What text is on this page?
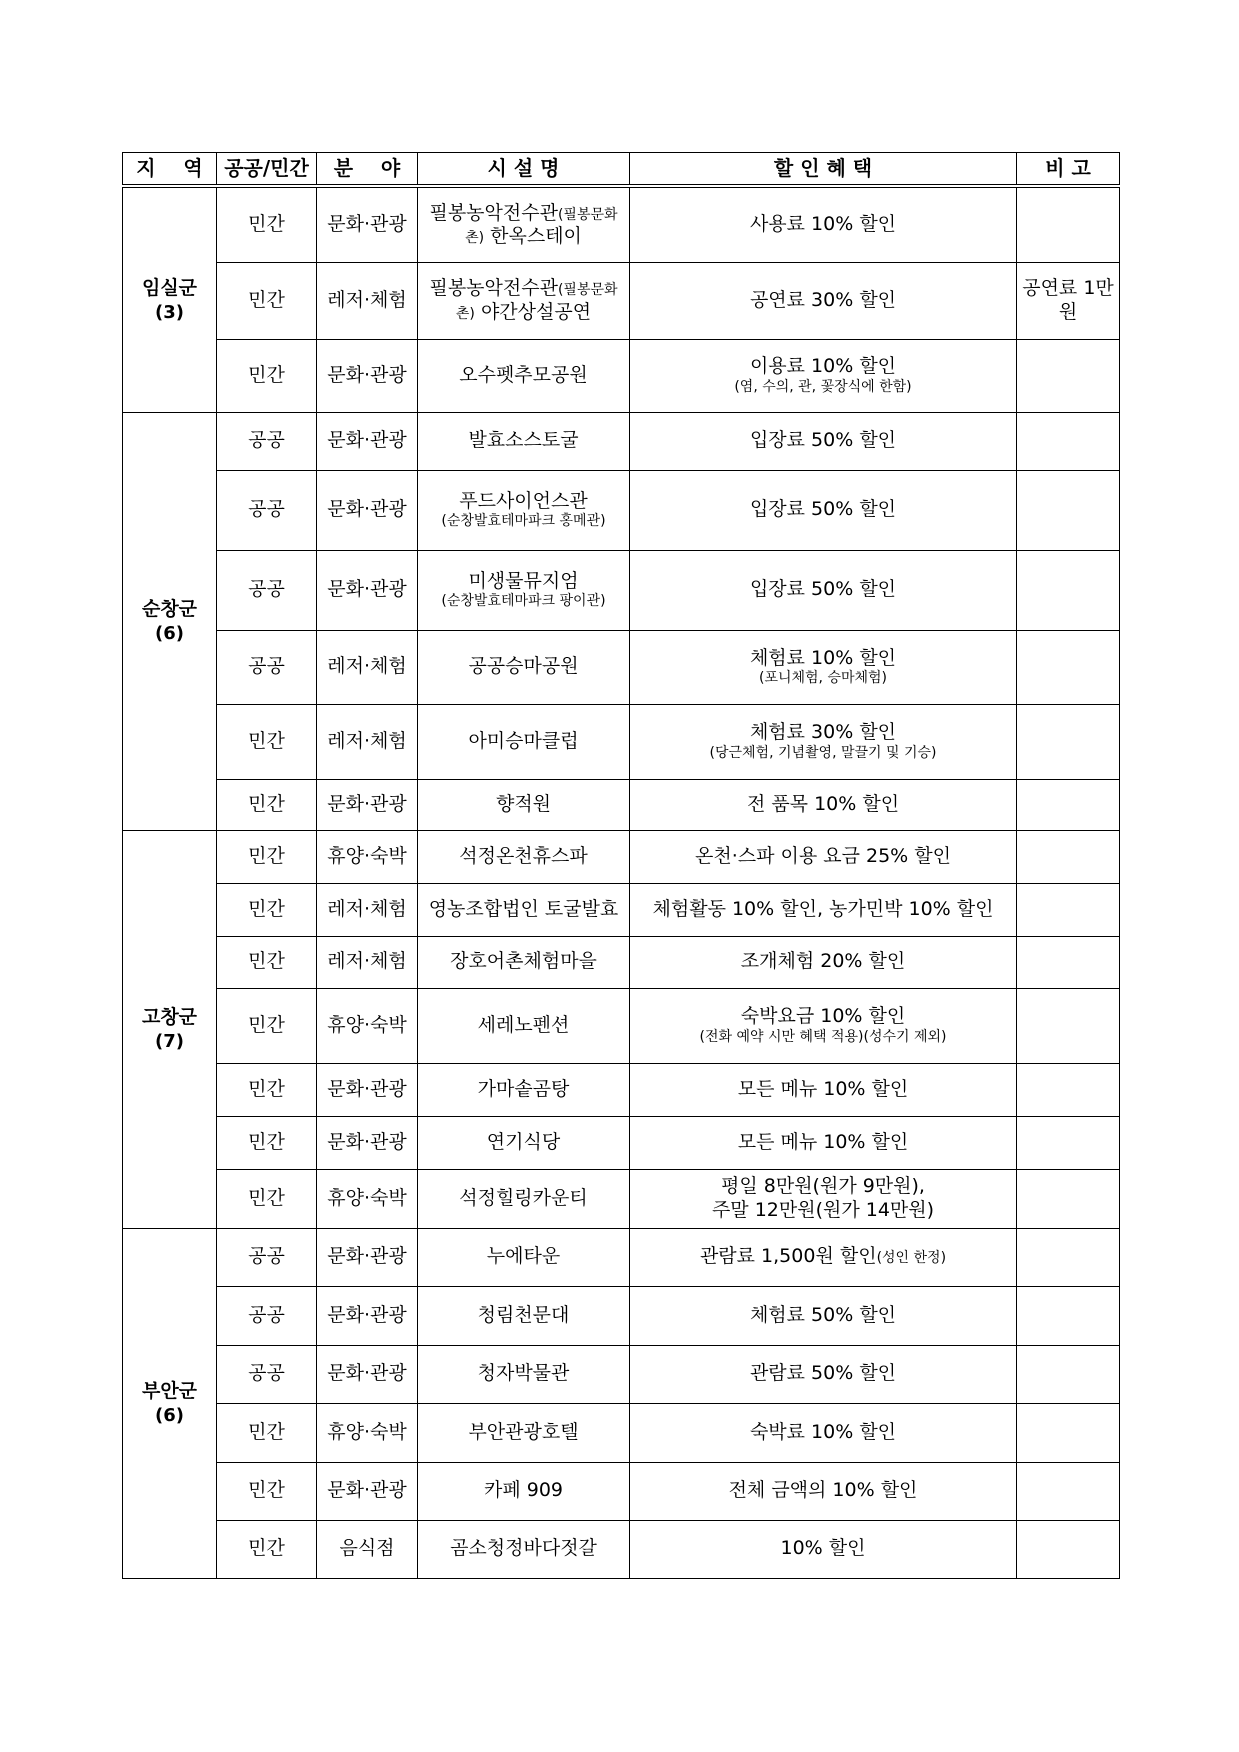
지    역	공공/민간	분    야	시 설 명	할 인 혜 택	비 고

임실군
(3)	민간	문화·관광	필봉농악전수관(필봉문화
촌) 한옥스테이	사용료 10% 할인	
	민간	레저·체험	필봉농악전수관(필봉문화
촌) 야간상설공연	공연료 30% 할인	공연료 1만원
	민간	문화·관광	오수펫추모공원	이용료 10% 할인
(염, 수의, 관, 꽃장식에 한함)	

순창군
(6)	공공	문화·관광	발효소스토굴	입장료 50% 할인	
	공공	문화·관광	푸드사이언스관
(순창발효테마파크 홍메관)	입장료 50% 할인	
	공공	문화·관광	미생물뮤지엄
(순창발효테마파크 팡이관)	입장료 50% 할인	
	공공	레저·체험	공공승마공원	체험료 10% 할인
(포니체험, 승마체험)	

	민간	레저·체험	아미승마클럽	체험료 30% 할인
(당근체험, 기념촬영, 말끌기 및 기승)	

	민간	문화·관광	향적원	전 품목 10% 할인	

고창군
(7)	민간	휴양·숙박	석정온천휴스파	온천·스파 이용 요금 25% 할인	
	민간	레저·체험	영농조합법인 토굴발효	체험활동 10% 할인, 농가민박 10% 할인	
	민간	레저·체험	장호어촌체험마을	조개체험 20% 할인	
	민간	휴양·숙박	세레노펜션	숙박요금 10% 할인
(전화 예약 시만 혜택 적용)(성수기 제외)	

	민간	문화·관광	가마솥곰탕	모든 메뉴 10% 할인	
	민간	문화·관광	연기식당	모든 메뉴 10% 할인	
	민간	휴양·숙박	석정힐링카운티	평일 8만원(원가 9만원),
주말 12만원(원가 14만원)	

부안군
(6)	공공	문화·관광	누에타운	관람료 1,500원 할인(성인 한정)	
	공공	문화·관광	청림천문대	체험료 50% 할인	
	공공	문화·관광	청자박물관	관람료 50% 할인	
	민간	휴양·숙박	부안관광호텔	숙박료 10% 할인	
	민간	문화·관광	카페 909	전체 금액의 10% 할인	
	민간	음식점	곰소청정바다젓갈	10% 할인	
